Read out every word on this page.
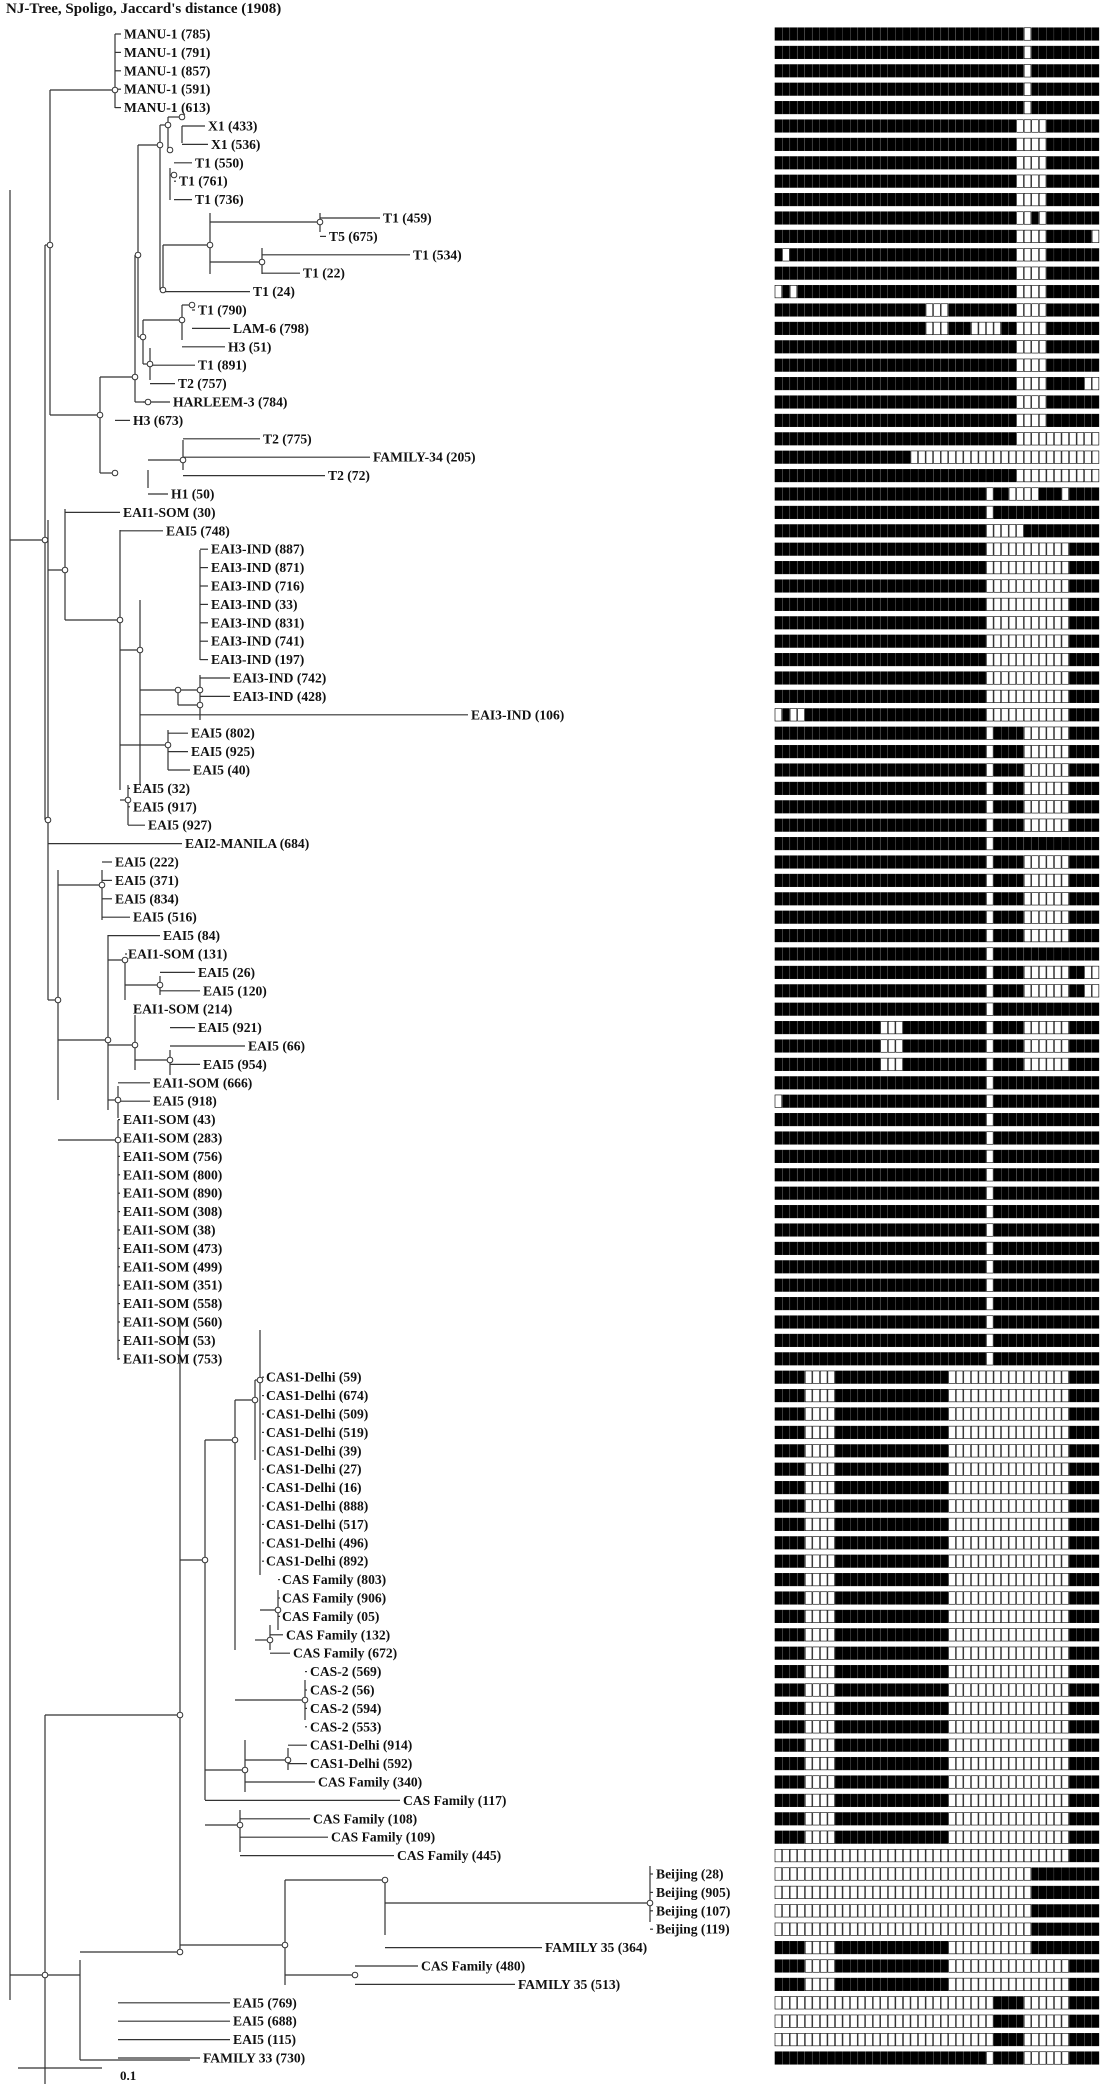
NJ-Tree, Spoligo, Jaccard's distance (1908)
MANU-1 (785)
MANU-1 (791)
MANU-1 (857)
MANU-1 (591)
MANU-1 (613)
X1 (433)
X1 (536)
T1 (550)
T1 (761)
T1 (736)
T1 (459)
T5 (675)
T1 (534)
T1 (22)
T1 (24)
T1 (790)
LAM-6 (798)
H3 (51)
T1 (891)
T2 (757)
HARLEEM-3 (784)
H3 (673)
T2 (775)
FAMILY-34 (205)
T2 (72)
H1 (50)
EAI1-SOM (30)
EAI5 (748)
EAI3-IND (887)
EAI3-IND (871)
EAI3-IND (716)
EAI3-IND (33)
EAI3-IND (831)
EAI3-IND (741)
EAI3-IND (197)
EAI3-IND (742)
EAI3-IND (428)
EAI3-IND (106)
EAI5 (802)
EAI5 (925)
EAI5 (40)
EAI5 (32)
EAI5 (917)
EAI5 (927)
EAI2-MANILA (684)
EAI5 (222)
EAI5 (371)
EAI5 (834)
EAI5 (516)
EAI5 (84)
EAI1-SOM (131)
EAI5 (26)
EAI5 (120)
EAI1-SOM (214)
EAI5 (921)
EAI5 (66)
EAI5 (954)
EAI1-SOM (666)
EAI5 (918)
EAI1-SOM (43)
EAI1-SOM (283)
EAI1-SOM (756)
EAI1-SOM (800)
EAI1-SOM (890)
EAI1-SOM (308)
EAI1-SOM (38)
EAI1-SOM (473)
EAI1-SOM (499)
EAI1-SOM (351)
EAI1-SOM (558)
EAI1-SOM (560)
EAI1-SOM (53)
EAI1-SOM (753)
CAS1-Delhi (59)
CAS1-Delhi (674)
CAS1-Delhi (509)
CAS1-Delhi (519)
CAS1-Delhi (39)
CAS1-Delhi (27)
CAS1-Delhi (16)
CAS1-Delhi (888)
CAS1-Delhi (517)
CAS1-Delhi (496)
CAS1-Delhi (892)
CAS Family (803)
CAS Family (906)
CAS Family (05)
CAS Family (132)
CAS Family (672)
CAS-2 (569)
CAS-2 (56)
CAS-2 (594)
CAS-2 (553)
CAS1-Delhi (914)
CAS1-Delhi (592)
CAS Family (340)
CAS Family (117)
CAS Family (108)
CAS Family (109)
CAS Family (445)
Beijing (28)
Beijing (905)
Beijing (107)
Beijing (119)
FAMILY 35 (364)
CAS Family (480)
FAMILY 35 (513)
EAI5 (769)
EAI5 (688)
EAI5 (115)
FAMILY 33 (730)
0.1
